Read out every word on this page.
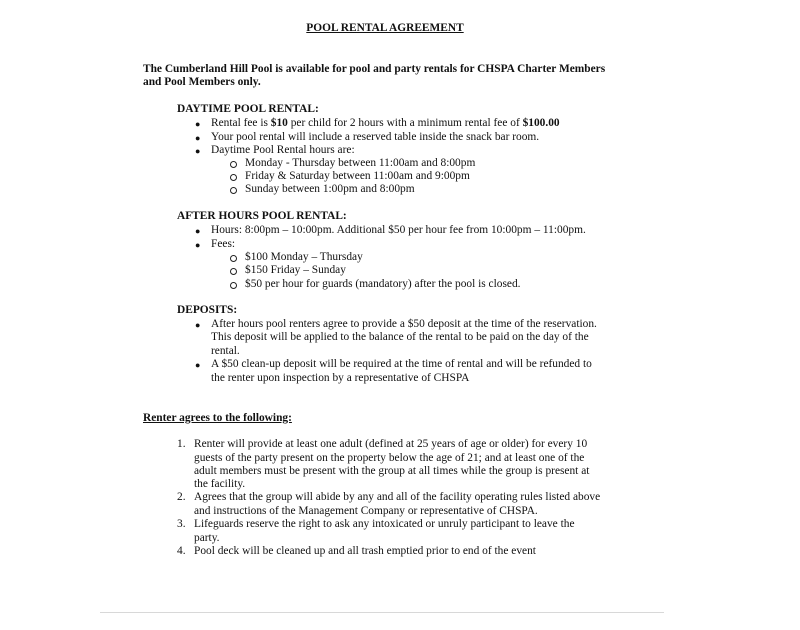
POOL RENTAL AGREEMENT
The Cumberland Hill Pool is available for pool and party rentals for CHSPA Charter Members
and Pool Members only.
DAYTIME POOL RENTAL:
● Rental fee is $10 per child for 2 hours with a minimum rental fee of $100.00
● Your pool rental will include a reserved table inside the snack bar room.
● Daytime Pool Rental hours are:
Monday - Thursday between 11:00am and 8:00pm
Friday & Saturday between 11:00am and 9:00pm
Sunday between 1:00pm and 8:00pm
AFTER HOURS POOL RENTAL:
● Hours: 8:00pm – 10:00pm. Additional $50 per hour fee from 10:00pm – 11:00pm.
● Fees:
$100 Monday – Thursday
$150 Friday – Sunday
$50 per hour for guards (mandatory) after the pool is closed.
DEPOSITS:
● After hours pool renters agree to provide a $50 deposit at the time of the reservation.
This deposit will be applied to the balance of the rental to be paid on the day of the
rental.
● A $50 clean-up deposit will be required at the time of rental and will be refunded to
the renter upon inspection by a representative of CHSPA
Renter agrees to the following:
1. Renter will provide at least one adult (defined at 25 years of age or older) for every 10
guests of the party present on the property below the age of 21; and at least one of the
adult members must be present with the group at all times while the group is present at
the facility.
2. Agrees that the group will abide by any and all of the facility operating rules listed above
and instructions of the Management Company or representative of CHSPA.
3. Lifeguards reserve the right to ask any intoxicated or unruly participant to leave the
party.
4. Pool deck will be cleaned up and all trash emptied prior to end of the event
